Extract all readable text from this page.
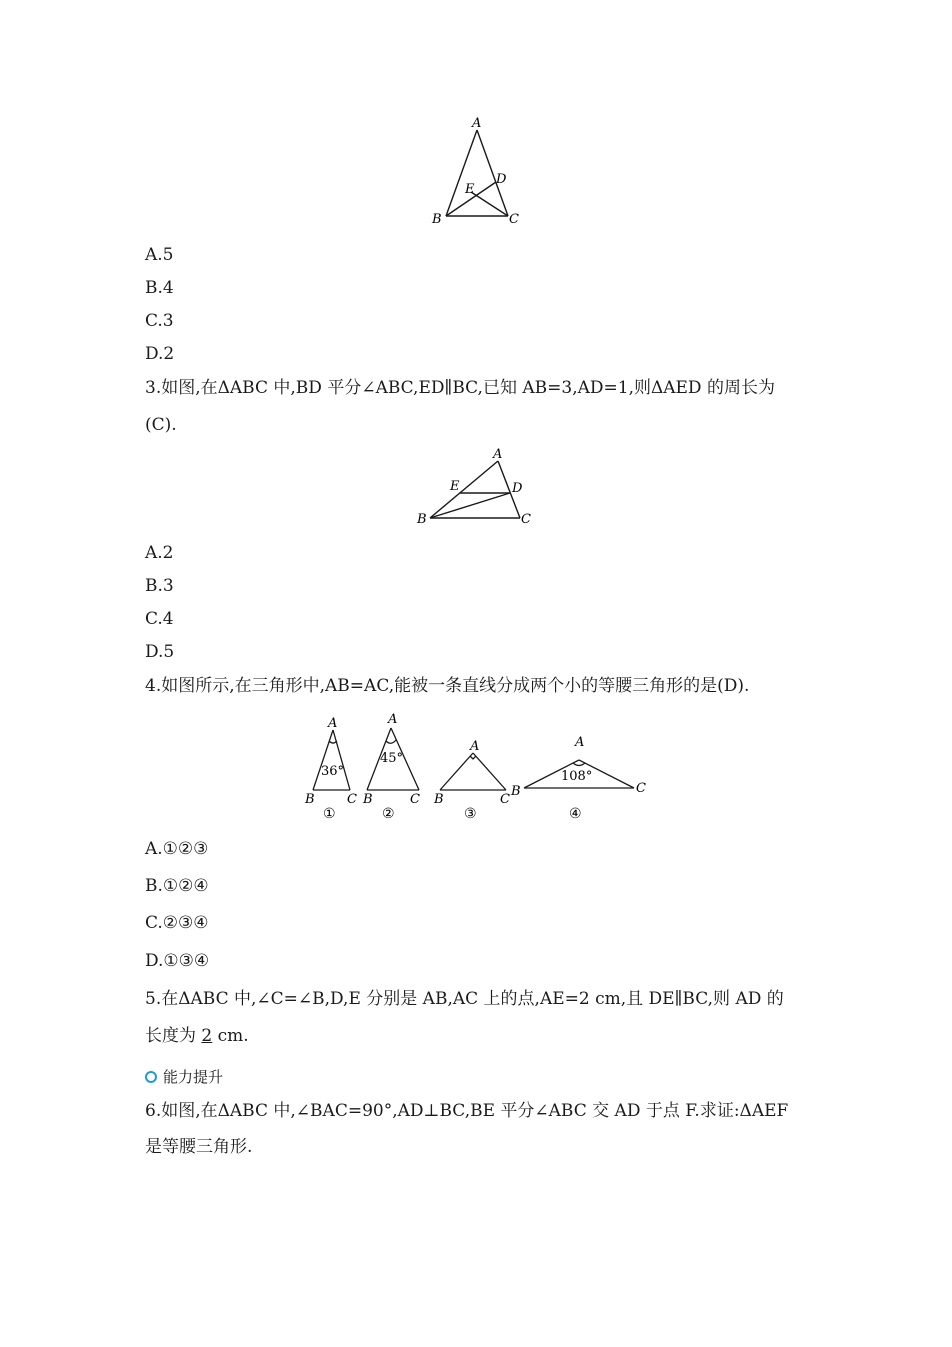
A
B	C
D
E
A.5
B.4
C.3
D.2
3.如图,在ΔABC 中,BD 平分∠ABC,ED∥BC,已知 AB=3,AD=1,则ΔAED 的周长为
(C).
A
B	C
D
E
A.2
B.3
C.4
D.5
4.如图所示,在三角形中,AB=AC,能被一条直线分成两个小的等腰三角形的是(D).
A
B C
36°
①
A
B	C
45°
②
A
B	C
③
A
B	C
108°
④
A.①②③
B.①②④
C.②③④
D.①③④
5.在ΔABC 中,∠C=∠B,D,E 分别是 AB,AC 上的点,AE=2 cm,且 DE∥BC,则 AD 的
长度为 2 cm.
能力提升
6.如图,在ΔABC 中,∠BAC=90°,AD⊥BC,BE 平分∠ABC 交 AD 于点 F.求证:ΔAEF
是等腰三角形.
